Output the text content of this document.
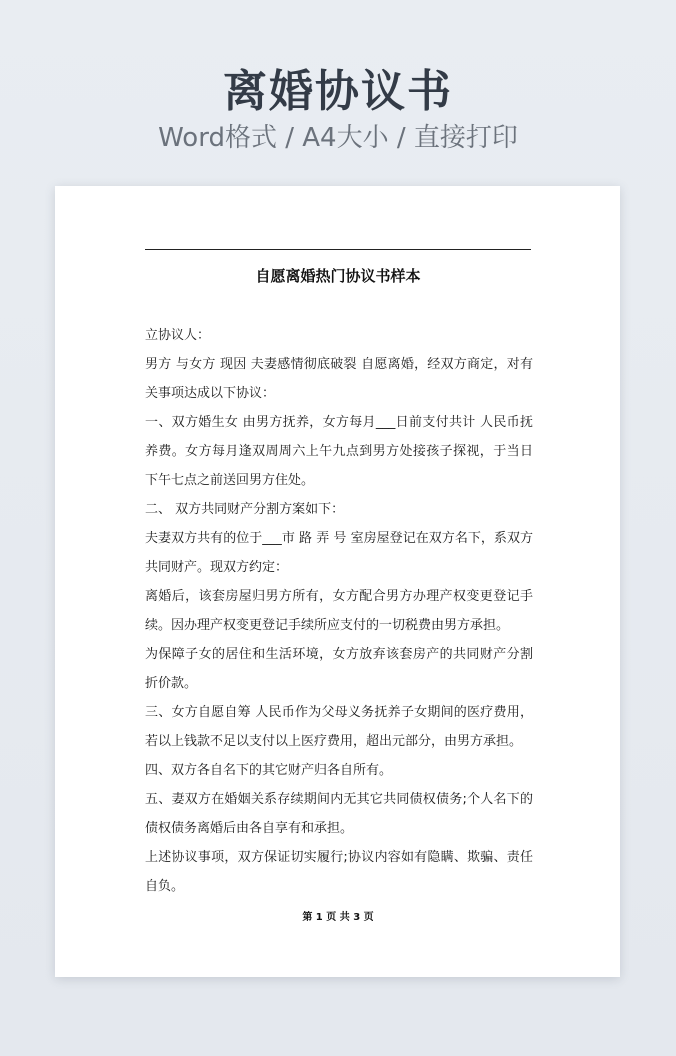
离婚协议书
Word格式 / A4大小 / 直接打印
自愿离婚热门协议书样本

立协议人：

男方 与女方 现因 夫妻感情彻底破裂 自愿离婚，经双方商定，对有关事项达成以下协议：

一、双方婚生女 由男方抚养，女方每月___日前支付共计 人民币抚养费。女方每月逢双周周六上午九点到男方处接孩子探视，于当日下午七点之前送回男方住处。

二、 双方共同财产分割方案如下：

夫妻双方共有的位于___市 路 弄 号 室房屋登记在双方名下，系双方共同财产。现双方约定：

离婚后，该套房屋归男方所有，女方配合男方办理产权变更登记手续。因办理产权变更登记手续所应支付的一切税费由男方承担。

为保障子女的居住和生活环境，女方放弃该套房产的共同财产分割折价款。

三、女方自愿自筹 人民币作为父母义务抚养子女期间的医疗费用，若以上钱款不足以支付以上医疗费用，超出元部分，由男方承担。

四、双方各自名下的其它财产归各自所有。

五、妻双方在婚姻关系存续期间内无其它共同债权债务;个人名下的债权债务离婚后由各自享有和承担。

上述协议事项，双方保证切实履行;协议内容如有隐瞒、欺骗、责任自负。

第 1 页 共 3 页
